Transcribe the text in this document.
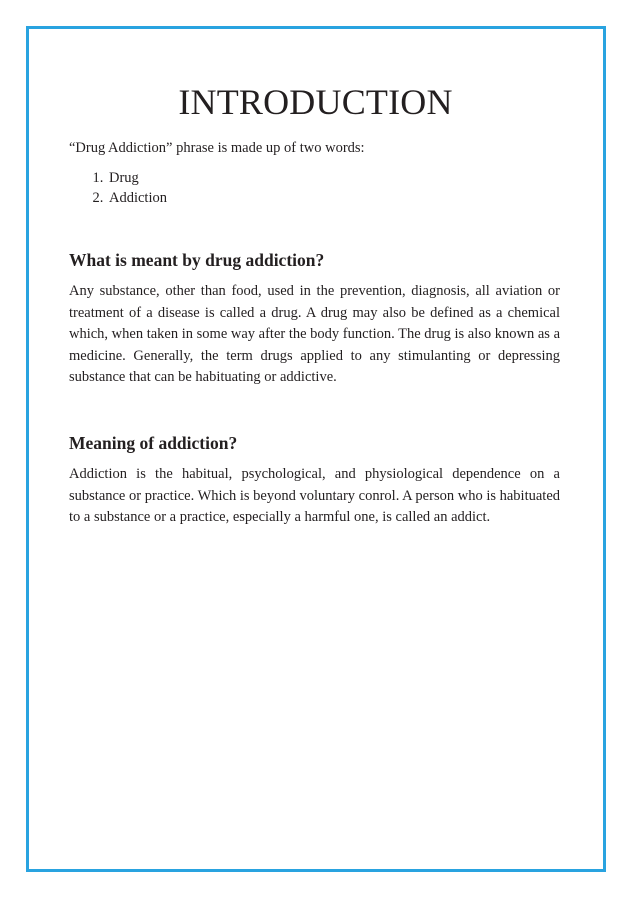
INTRODUCTION

“Drug Addiction” phrase is made up of two words:

1. Drug
2. Addiction
What is meant by drug addiction?

Any substance, other than food, used in the prevention, diagnosis, all aviation or treatment of a disease is called a drug. A drug may also be defined as a chemical which, when taken in some way after the body function. The drug is also known as a medicine. Generally, the term drugs applied to any stimulanting or depressing substance that can be habituating or addictive.

Meaning of addiction?

Addiction is the habitual, psychological, and physiological dependence on a substance or practice. Which is beyond voluntary conrol. A person who is habituated to a substance or a practice, especially a harmful one, is called an addict.
